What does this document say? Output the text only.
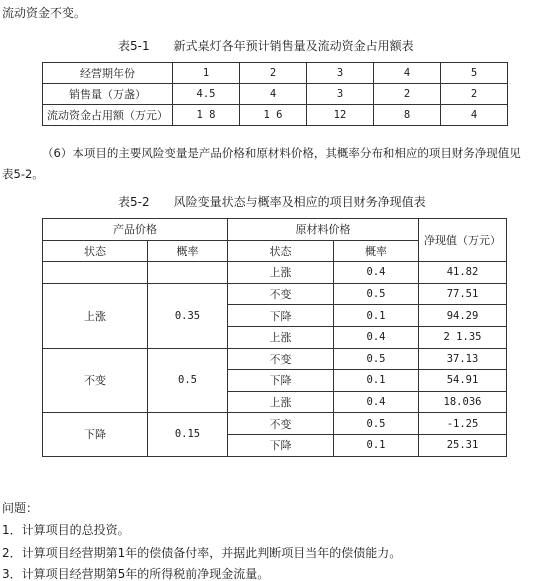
流动资金不变。
表5-1　　新式桌灯各年预计销售量及流动资金占用额表
经营期年份	1	2	3	4	5
销售量（万盏）	4.5	4	3	2	2
流动资金占用额（万元）	1 8	1 6	12	8	4
（6）本项目的主要风险变量是产品价格和原材料价格，其概率分布和相应的项目财务净现值见
表5-2。
表5-2　　风险变量状态与概率及相应的项目财务净现值表
产品价格		原材料价格		净现值（万元）
状态	概率	状态	概率	
		上涨	0.4	41.82
上涨	0.35	不变	0.5	77.51
		下降	0.1	94.29
		上涨	0.4	2 1.35
不变	0.5	不变	0.5	37.13
		下降	0.1	54.91
		上涨	0.4	18.036
下降	0.15	不变	0.5	-1.25
		下降	0.1	25.31
问题：
1．计算项目的总投资。
2．计算项目经营期第1年的偿债备付率，并据此判断项目当年的偿债能力。
3．计算项目经营期第5年的所得税前净现金流量。
